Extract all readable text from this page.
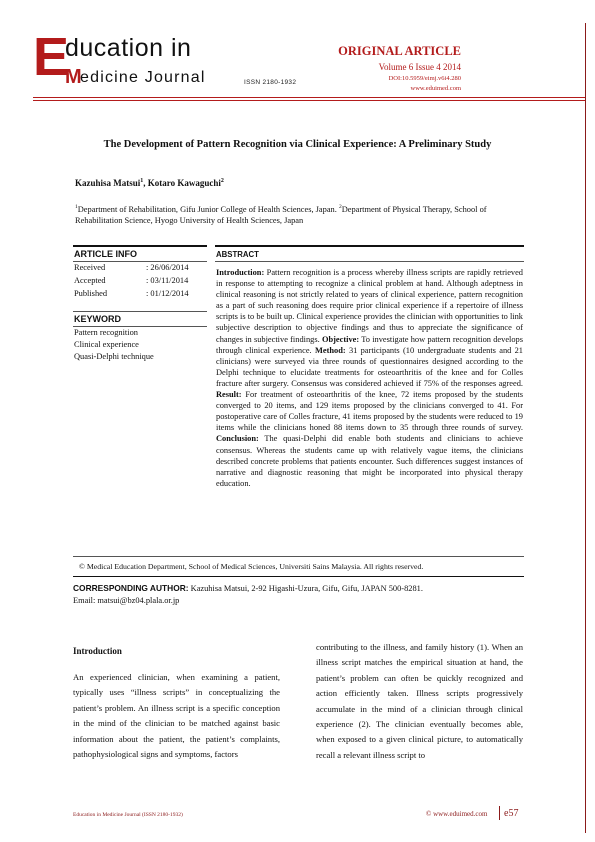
E
ducation in
M
edicine Journal	ISSN 2180-1932
ORIGINAL ARTICLE
Volume 6 Issue 4 2014
DOI:10.5959/eimj.v6i4.280
www.eduimed.com
The Development of Pattern Recognition via Clinical Experience: A Preliminary Study
Kazuhisa Matsui$^1$, Kotaro Kawaguchi$^2$
$^1$Department of Rehabilitation, Gifu Junior College of Health Sciences, Japan. $^2$Department of Physical Therapy, School of Rehabilitation Science, Hyogo University of Health Sciences, Japan
ARTICLE INFO
Received	: 26/06/2014
Accepted	: 03/11/2014
Published	: 01/12/2014
KEYWORD
Pattern recognition
Clinical experience
Quasi-Delphi technique
ABSTRACT
Introduction: Pattern recognition is a process whereby illness scripts are rapidly retrieved in response to attempting to recognize a clinical problem at hand. Although adeptness in clinical reasoning is not strictly related to years of clinical experience, pattern recognition as a part of such reasoning does require prior clinical experience if a repertoire of illness scripts is to be built up. Clinical experience provides the clinician with opportunities to link subjective description to objective findings and thus to appreciate the significance of changes in subjective findings. Objective: To investigate how pattern recognition develops through clinical experience. Method: 31 participants (10 undergraduate students and 21 clinicians) were surveyed via three rounds of questionnaires designed according to the Delphi technique to elucidate treatments for osteoarthritis of the knee and for Colles fracture after surgery. Consensus was considered achieved if 75% of the responses agreed. Result: For treatment of osteoarthritis of the knee, 72 items proposed by the students converged to 20 items, and 129 items proposed by the clinicians converged to 41. For postoperative care of Colles fracture, 41 items proposed by the students were reduced to 19 items while the clinicians honed 88 items down to 35 through three rounds of survey. Conclusion: The quasi-Delphi did enable both students and clinicians to achieve consensus. Whereas the students came up with relatively vague items, the clinicians described concrete problems that patients encounter. Such differences suggest instances of narrative and diagnostic reasoning that might be incorporated into physical therapy education.
© Medical Education Department, School of Medical Sciences, Universiti Sains Malaysia. All rights reserved.
CORRESPONDING AUTHOR: Kazuhisa Matsui, 2-92 Higashi-Uzura, Gifu, Gifu, JAPAN 500-8281.
Email: matsui@bz04.plala.or.jp
Introduction
An experienced clinician, when examining a patient, typically uses “illness scripts” in conceptualizing the patient’s problem. An illness script is a specific conception in the mind of the clinician to be matched against basic information about the patient, the patient’s complaints, pathophysiological signs and symptoms, factors
contributing to the illness, and family history (1). When an illness script matches the empirical situation at hand, the patient’s problem can often be quickly recognized and action efficiently taken. Illness scripts progressively accumulate in the mind of a clinician through clinical experience (2). The clinician eventually becomes able, when exposed to a given clinical picture, to automatically recall a relevant illness script to
Education in Medicine Journal (ISSN 2180-1932)	© www.eduimed.com e57
